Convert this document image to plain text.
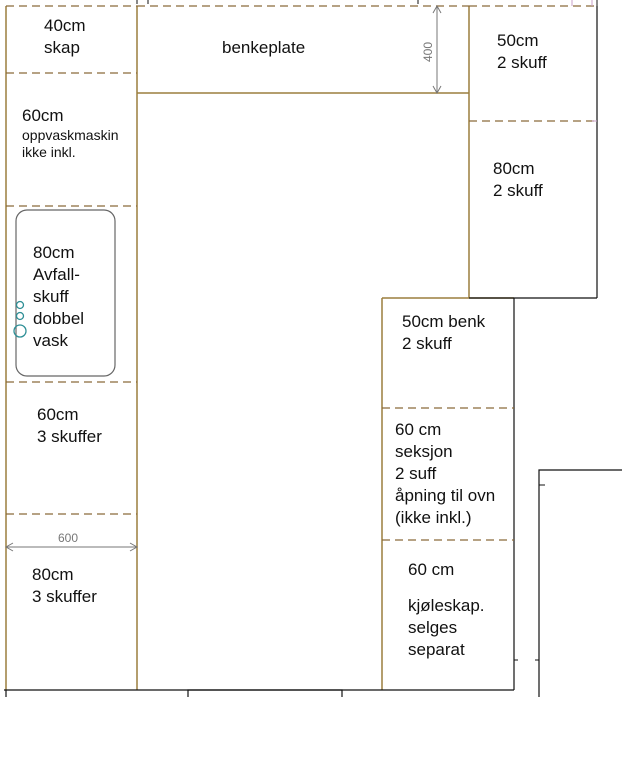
400
600
40cm
skap	benkeplate
60cm
oppvaskmaskin
ikke inkl.
80cm
Avfall-
skuff
dobbel
vask
60cm
3 skuffer
80cm
3 skuffer
50cm
2 skuff
80cm
2 skuff
50cm benk
2 skuff
60 cm
seksjon
2 suff
åpning til ovn
(ikke inkl.)
60 cm
kjøleskap.
selges
separat
